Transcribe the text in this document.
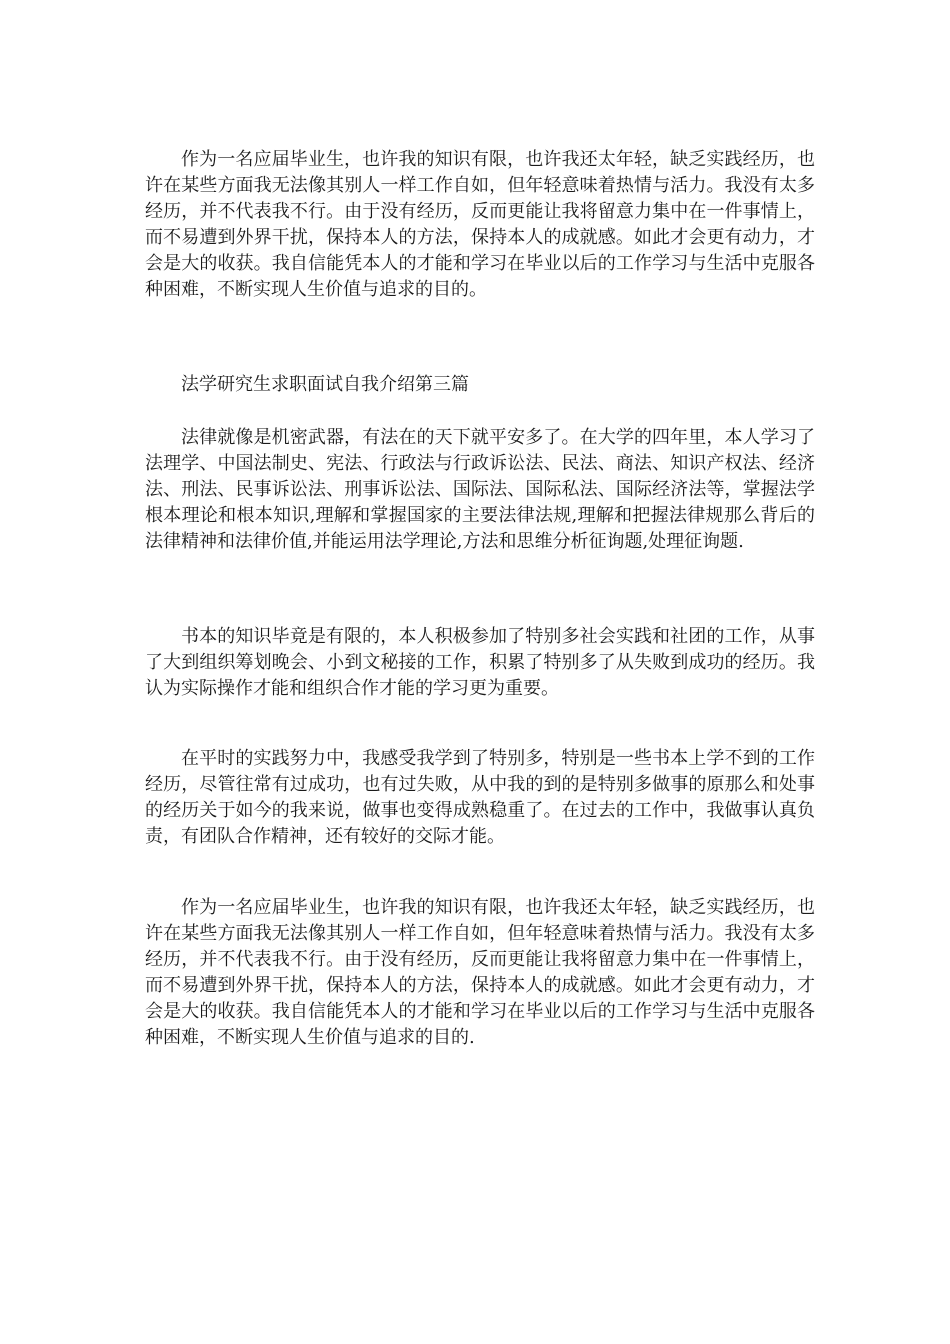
作为一名应届毕业生，也许我的知识有限，也许我还太年轻，缺乏实践经历，也许在某些方面我无法像其别人一样工作自如，但年轻意味着热情与活力。我没有太多经历，并不代表我不行。由于没有经历，反而更能让我将留意力集中在一件事情上，而不易遭到外界干扰，保持本人的方法，保持本人的成就感。如此才会更有动力，才会是大的收获。我自信能凭本人的才能和学习在毕业以后的工作学习与生活中克服各种困难，不断实现人生价值与追求的目的。

法学研究生求职面试自我介绍第三篇

法律就像是机密武器，有法在的天下就平安多了。在大学的四年里，本人学习了法理学、中国法制史、宪法、行政法与行政诉讼法、民法、商法、知识产权法、经济法、刑法、民事诉讼法、刑事诉讼法、国际法、国际私法、国际经济法等，掌握法学根本理论和根本知识,理解和掌握国家的主要法律法规,理解和把握法律规那么背后的法律精神和法律价值,并能运用法学理论,方法和思维分析征询题,处理征询题.

书本的知识毕竟是有限的，本人积极参加了特别多社会实践和社团的工作，从事了大到组织筹划晚会、小到文秘接的工作，积累了特别多了从失败到成功的经历。我认为实际操作才能和组织合作才能的学习更为重要。

在平时的实践努力中，我感受我学到了特别多，特别是一些书本上学不到的工作经历，尽管往常有过成功，也有过失败，从中我的到的是特别多做事的原那么和处事的经历关于如今的我来说，做事也变得成熟稳重了。在过去的工作中，我做事认真负责，有团队合作精神，还有较好的交际才能。

作为一名应届毕业生，也许我的知识有限，也许我还太年轻，缺乏实践经历，也许在某些方面我无法像其别人一样工作自如，但年轻意味着热情与活力。我没有太多经历，并不代表我不行。由于没有经历，反而更能让我将留意力集中在一件事情上，而不易遭到外界干扰，保持本人的方法，保持本人的成就感。如此才会更有动力，才会是大的收获。我自信能凭本人的才能和学习在毕业以后的工作学习与生活中克服各种困难，不断实现人生价值与追求的目的.
